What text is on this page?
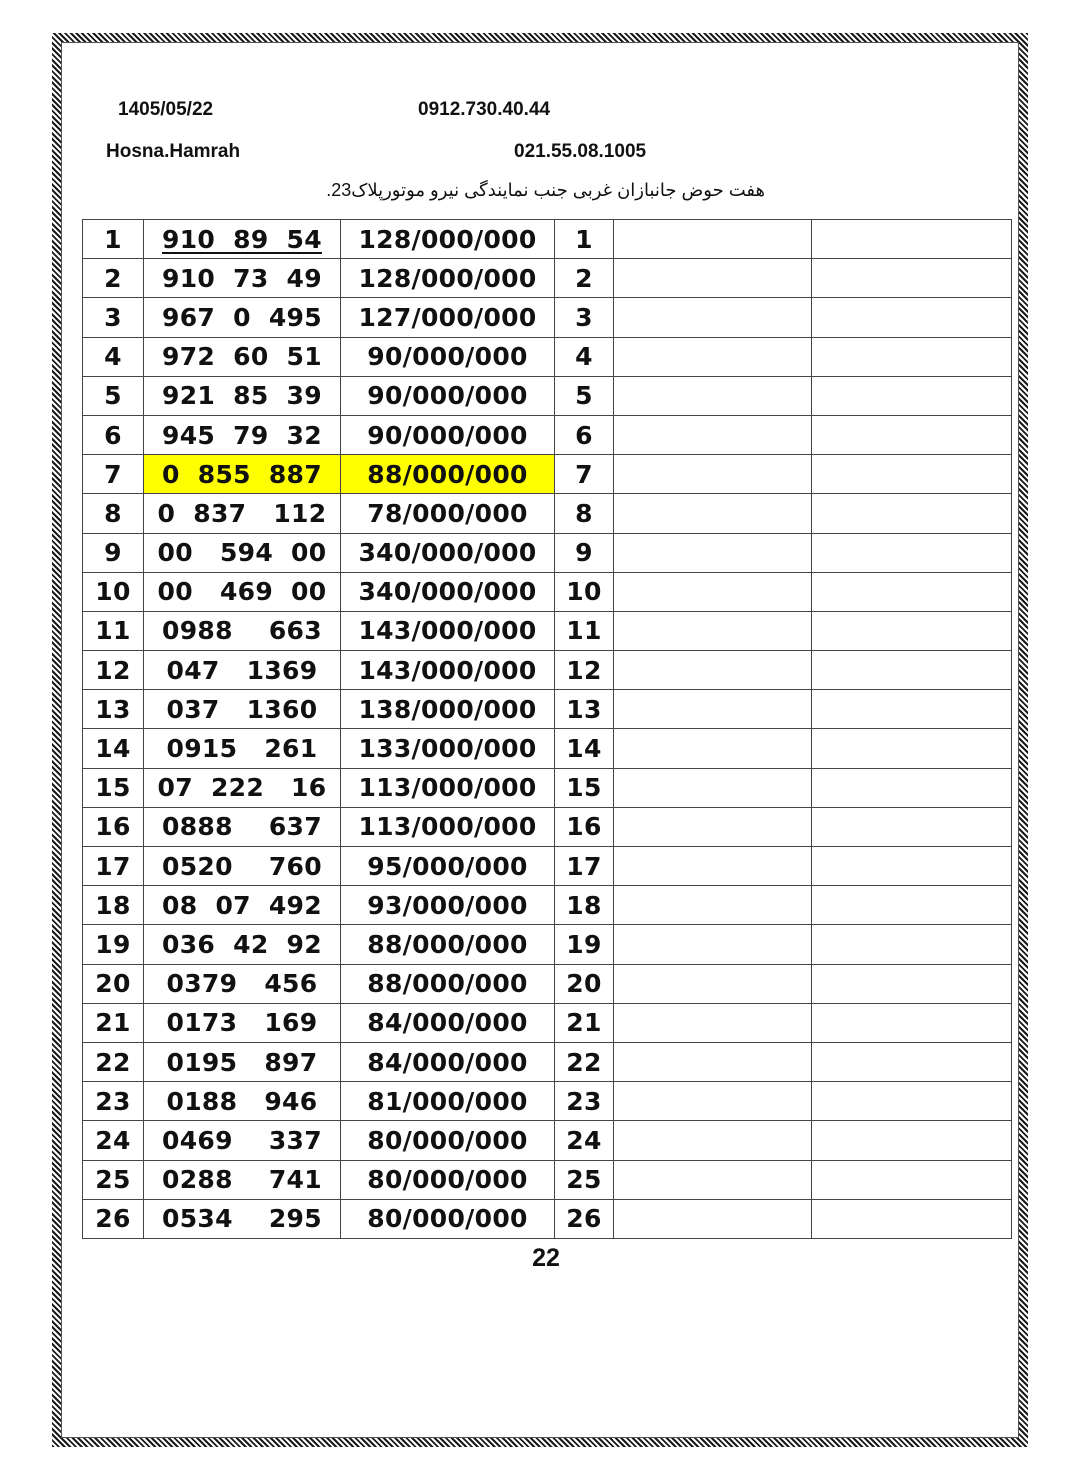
1405/05/22	0912.730.40.44
Hosna.Hamrah	021.55.08.1005
هفت حوض جانبازان غربی جنب نمایندگی نیرو موتورپلاک23.
1	910  89  54	128/000/000	1		
2	910  73  49	128/000/000	2		
3	967  0  495	127/000/000	3		
4	972  60  51	90/000/000	4		
5	921  85  39	90/000/000	5		
6	945  79  32	90/000/000	6		
7	0  855  887	88/000/000	7		
8	0  837   112	78/000/000	8		
9	00   594  00	340/000/000	9		
10	00   469  00	340/000/000	10		
11	0988    663	143/000/000	11		
12	047   1369	143/000/000	12		
13	037   1360	138/000/000	13		
14	0915   261	133/000/000	14		
15	07  222   16	113/000/000	15		
16	0888    637	113/000/000	16		
17	0520    760	95/000/000	17		
18	08  07  492	93/000/000	18		
19	036  42  92	88/000/000	19		
20	0379   456	88/000/000	20		
21	0173   169	84/000/000	21		
22	0195   897	84/000/000	22		
23	0188   946	81/000/000	23		
24	0469    337	80/000/000	24		
25	0288    741	80/000/000	25		
26	0534    295	80/000/000	26		
22
